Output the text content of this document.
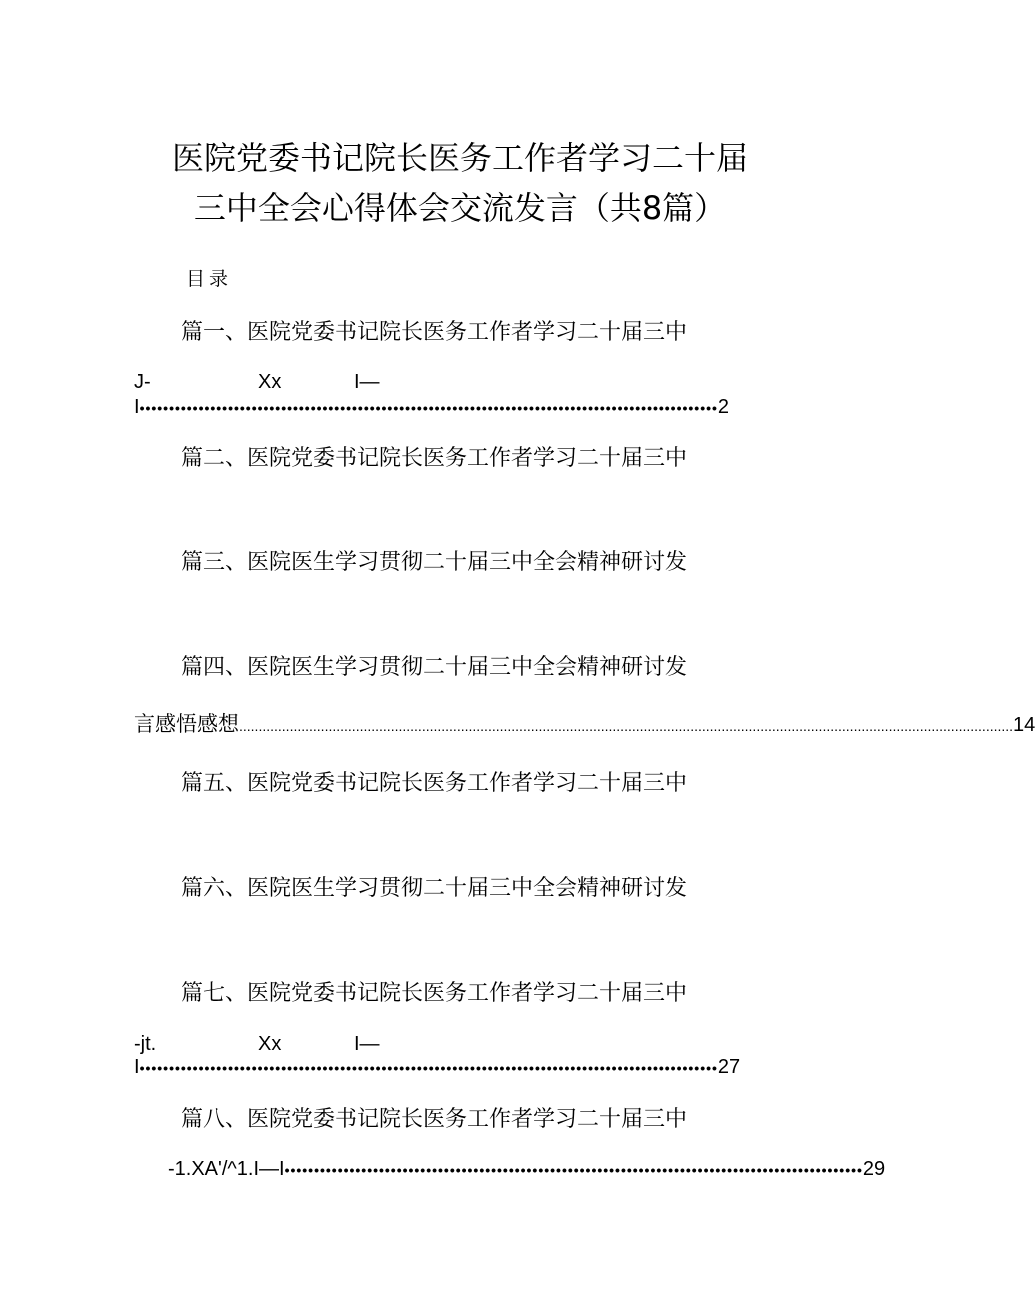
医院党委书记院长医务工作者学习二十届
三中全会心得体会交流发言（共8篇）
目录
篇一、医院党委书记院长医务工作者学习二十届三中
J-	Xx	I—
I •••••••••••••••••••••••••••••••••••••••••••••••••••••••••••••••••••••••••••••••••••••••••••••••••• 2
篇二、医院党委书记院长医务工作者学习二十届三中
篇三、医院医生学习贯彻二十届三中全会精神研讨发
篇四、医院医生学习贯彻二十届三中全会精神研讨发
言感悟感想 ....................................................................................................................................................................................................... 14
篇五、医院党委书记院长医务工作者学习二十届三中
篇六、医院医生学习贯彻二十届三中全会精神研讨发
篇七、医院党委书记院长医务工作者学习二十届三中
-jt.	Xx	I—
I •••••••••••••••••••••••••••••••••••••••••••••••••••••••••••••••••••••••••••••••••••••••••••••••••• 27
篇八、医院党委书记院长医务工作者学习二十届三中
-1.XA'/^1.I—I •••••••••••••••••••••••••••••••••••••••••••••••••••••••••••••••••••••••••••••••••••••••••••••••••• 29
